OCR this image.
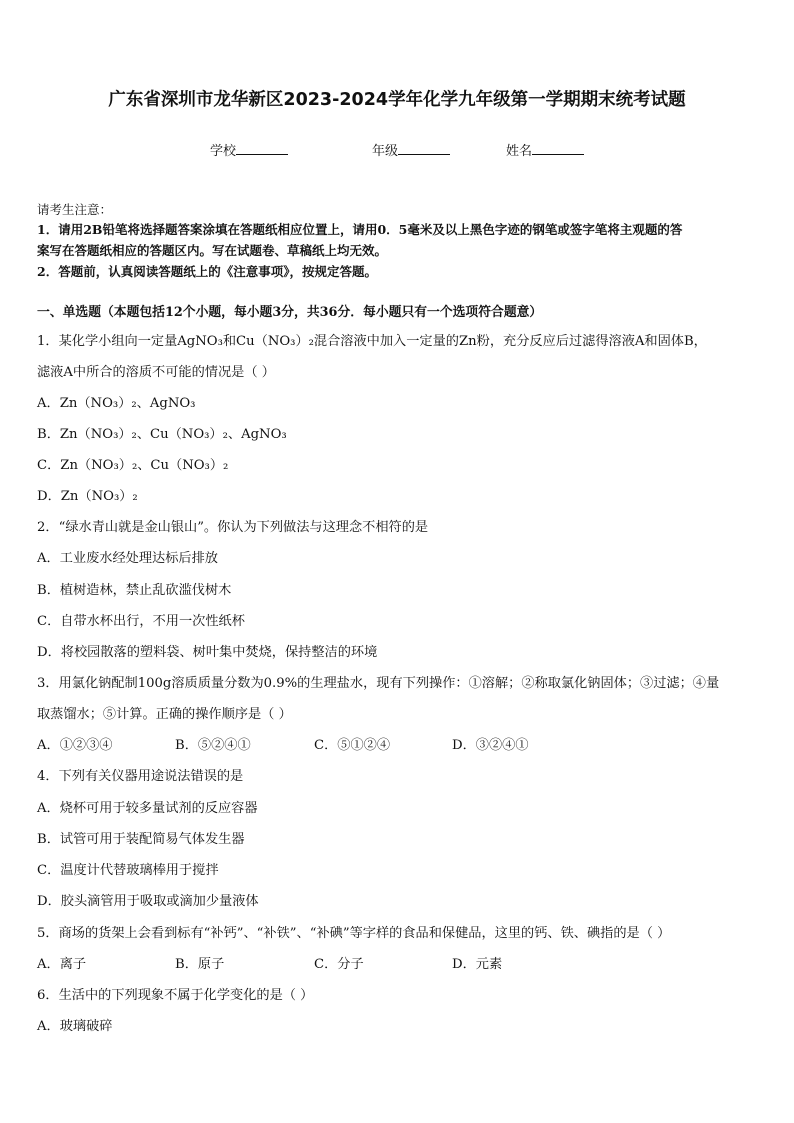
广东省深圳市龙华新区2023-2024学年化学九年级第一学期期末统考试题
学校	年级	姓名
请考生注意：
1．请用2B铅笔将选择题答案涂填在答题纸相应位置上，请用0．5毫米及以上黑色字迹的钢笔或签字笔将主观题的答
案写在答题纸相应的答题区内。写在试题卷、草稿纸上均无效。
2．答题前，认真阅读答题纸上的《注意事项》，按规定答题。
一、单选题（本题包括12个小题，每小题3分，共36分．每小题只有一个选项符合题意）
1．某化学小组向一定量AgNO₃和Cu（NO₃）₂混合溶液中加入一定量的Zn粉，充分反应后过滤得溶液A和固体B，
滤液A中所合的溶质不可能的情况是（ ）
A．Zn（NO₃）₂、AgNO₃
B．Zn（NO₃）₂、Cu（NO₃）₂、AgNO₃
C．Zn（NO₃）₂、Cu（NO₃）₂
D．Zn（NO₃）₂
2．“绿水青山就是金山银山”。你认为下列做法与这理念不相符的是
A．工业废水经处理达标后排放
B．植树造林，禁止乱砍滥伐树木
C．自带水杯出行，不用一次性纸杯
D．将校园散落的塑料袋、树叶集中焚烧，保持整洁的环境
3．用氯化钠配制100g溶质质量分数为0.9%的生理盐水，现有下列操作：①溶解；②称取氯化钠固体；③过滤；④量
取蒸馏水；⑤计算。正确的操作顺序是（ ）
A．①②③④	B．⑤②④①	C．⑤①②④	D．③②④①
4．下列有关仪器用途说法错误的是
A．烧杯可用于较多量试剂的反应容器
B．试管可用于装配简易气体发生器
C．温度计代替玻璃棒用于搅拌
D．胶头滴管用于吸取或滴加少量液体
5．商场的货架上会看到标有“补钙”、“补铁”、“补碘”等字样的食品和保健品，这里的钙、铁、碘指的是（ ）
A．离子	B．原子	C．分子	D．元素
6．生活中的下列现象不属于化学变化的是（ ）
A．玻璃破碎
